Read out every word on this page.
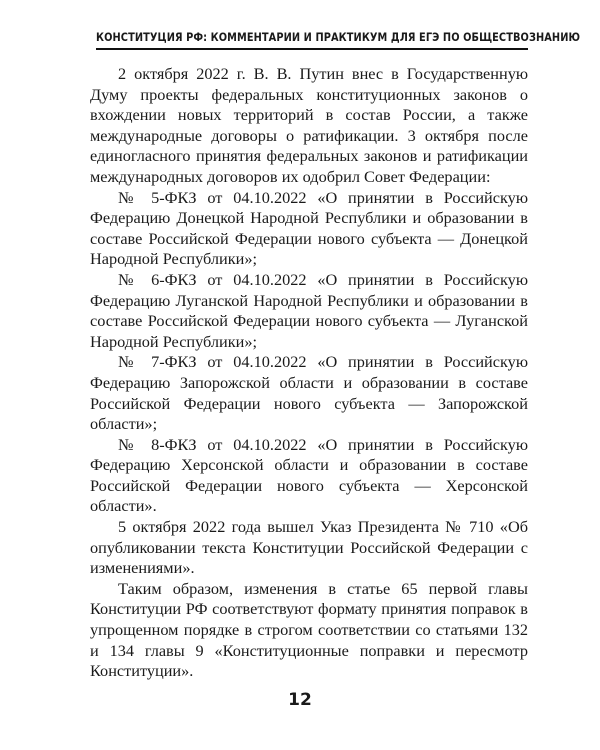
КОНСТИТУЦИЯ РФ: КОММЕНТАРИИ И ПРАКТИКУМ ДЛЯ ЕГЭ ПО ОБЩЕСТВОЗНАНИЮ

2 октября 2022 г. В. В. Путин внес в Государственную Думу проекты федеральных конституционных законов о вхождении новых территорий в состав России, а также международные договоры о ратификации. 3 октября после единогласного принятия федеральных законов и ратификации международных договоров их одобрил Совет Федерации:

№ 5-ФКЗ от 04.10.2022 «О принятии в Российскую Федерацию Донецкой Народной Республики и образовании в составе Российской Федерации нового субъекта — Донецкой Народной Республики»;

№ 6-ФКЗ от 04.10.2022 «О принятии в Российскую Федерацию Луганской Народной Республики и образовании в составе Российской Федерации нового субъекта — Луганской Народной Республики»;

№ 7-ФКЗ от 04.10.2022 «О принятии в Российскую Федерацию Запорожской области и образовании в составе Российской Федерации нового субъекта — Запорожской области»;

№ 8-ФКЗ от 04.10.2022 «О принятии в Российскую Федерацию Херсонской области и образовании в составе Российской Федерации нового субъекта — Херсонской области».

5 октября 2022 года вышел Указ Президента № 710 «Об опубликовании текста Конституции Российской Федерации с изменениями».

Таким образом, изменения в статье 65 первой главы Конституции РФ соответствуют формату принятия поправок в упрощенном порядке в строгом соответствии со статьями 132 и 134 главы 9 «Конституционные поправки и пересмотр Конституции».

12
